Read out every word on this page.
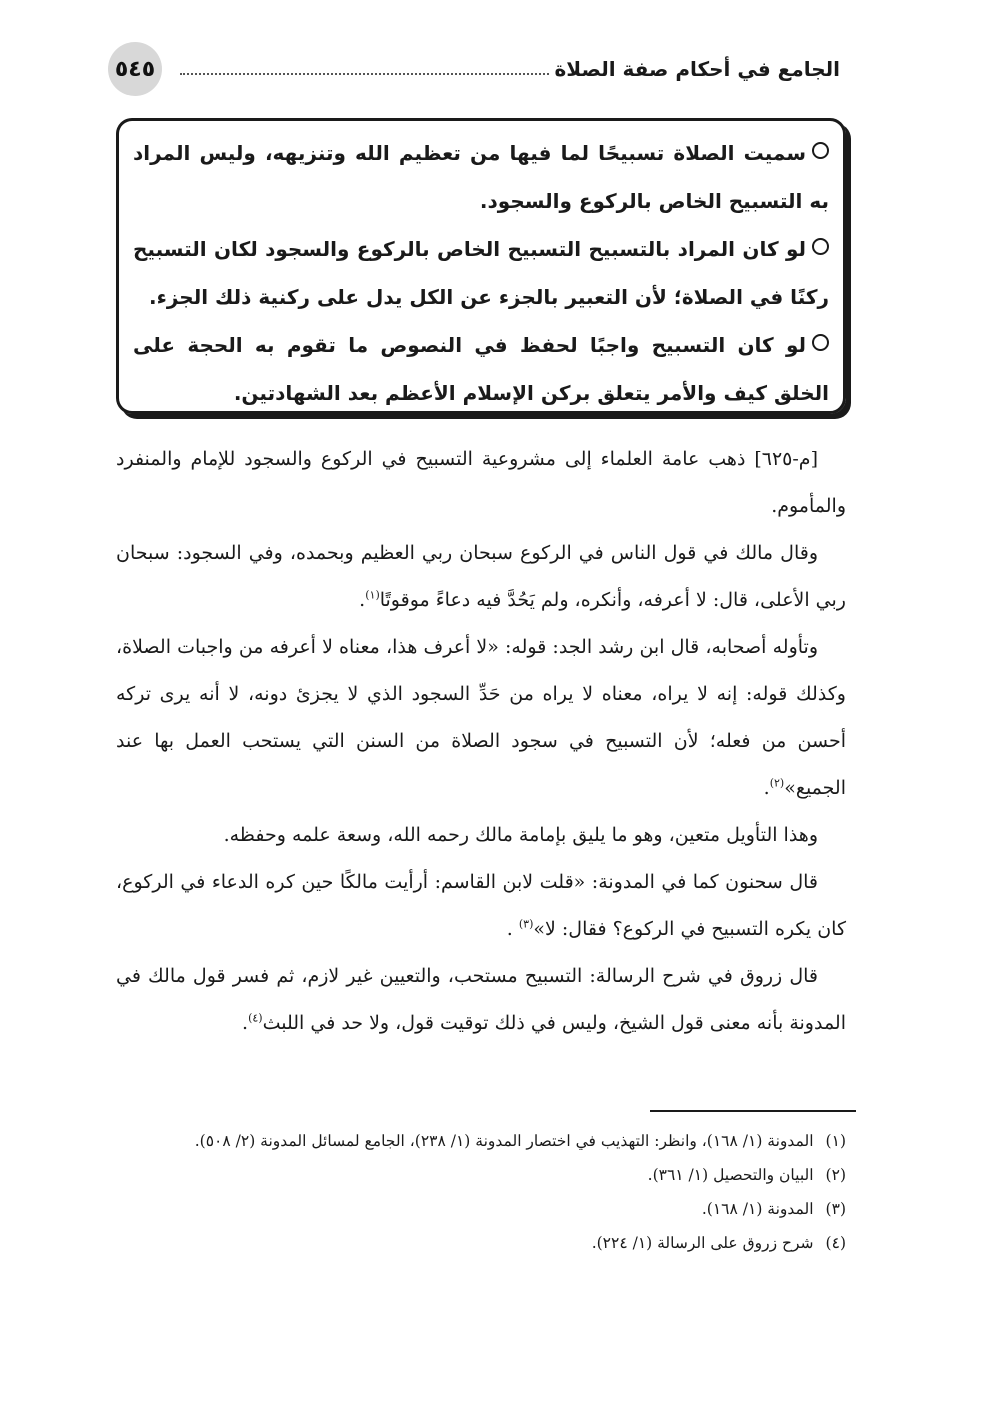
٥٤٥	الجامع في أحكام صفة الصلاة

سميت الصلاة تسبيحًا لما فيها من تعظيم الله وتنزيهه، وليس المراد به التسبيح الخاص بالركوع والسجود.

لو كان المراد بالتسبيح التسبيح الخاص بالركوع والسجود لكان التسبيح ركنًا في الصلاة؛ لأن التعبير بالجزء عن الكل يدل على ركنية ذلك الجزء.

لو كان التسبيح واجبًا لحفظ في النصوص ما تقوم به الحجة على الخلق كيف والأمر يتعلق بركن الإسلام الأعظم بعد الشهادتين.

[م-٦٢٥] ذهب عامة العلماء إلى مشروعية التسبيح في الركوع والسجود للإمام والمنفرد والمأموم.

وقال مالك في قول الناس في الركوع سبحان ربي العظيم وبحمده، وفي السجود: سبحان ربي الأعلى، قال: لا أعرفه، وأنكره، ولم يَحُدَّ فيه دعاءً موقوتًا$^{(١)}$.

وتأوله أصحابه، قال ابن رشد الجد: قوله: «لا أعرف هذا، معناه لا أعرفه من واجبات الصلاة، وكذلك قوله: إنه لا يراه، معناه لا يراه من حَدِّ السجود الذي لا يجزئ دونه، لا أنه يرى تركه أحسن من فعله؛ لأن التسبيح في سجود الصلاة من السنن التي يستحب العمل بها عند الجميع»$^{(٢)}$.

وهذا التأويل متعين، وهو ما يليق بإمامة مالك رحمه الله، وسعة علمه وحفظه.

قال سحنون كما في المدونة: «قلت لابن القاسم: أرأيت مالكًا حين كره الدعاء في الركوع، كان يكره التسبيح في الركوع؟ فقال: لا»$^{(٣)}$ .

قال زروق في شرح الرسالة: التسبيح مستحب، والتعيين غير لازم، ثم فسر قول مالك في المدونة بأنه معنى قول الشيخ، وليس في ذلك توقيت قول، ولا حد في اللبث$^{(٤)}$.

(١)
المدونة (١/ ١٦٨)، وانظر: التهذيب في اختصار المدونة (١/ ٢٣٨)، الجامع لمسائل المدونة (٢/ ٥٠٨).

(٢)
البيان والتحصيل (١/ ٣٦١).

(٣)
المدونة (١/ ١٦٨).

(٤)
شرح زروق على الرسالة (١/ ٢٢٤).
